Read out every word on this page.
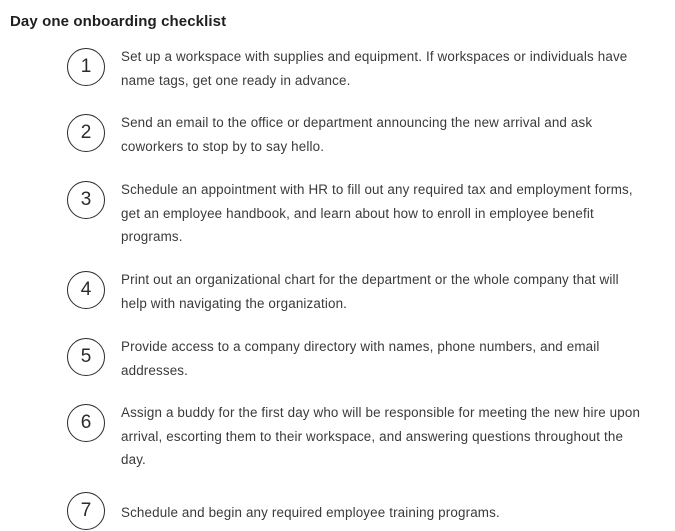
Day one onboarding checklist
1	Set up a workspace with supplies and equipment. If workspaces or individuals have name tags, get one ready in advance.
2	Send an email to the office or department announcing the new arrival and ask coworkers to stop by to say hello.
3	Schedule an appointment with HR to fill out any required tax and employment forms, get an employee handbook, and learn about how to enroll in employee benefit programs.
4	Print out an organizational chart for the department or the whole company that will help with navigating the organization.
5	Provide access to a company directory with names, phone numbers, and email addresses.
6	Assign a buddy for the first day who will be responsible for meeting the new hire upon arrival, escorting them to their workspace, and answering questions throughout the day.
7	Schedule and begin any required employee training programs.
